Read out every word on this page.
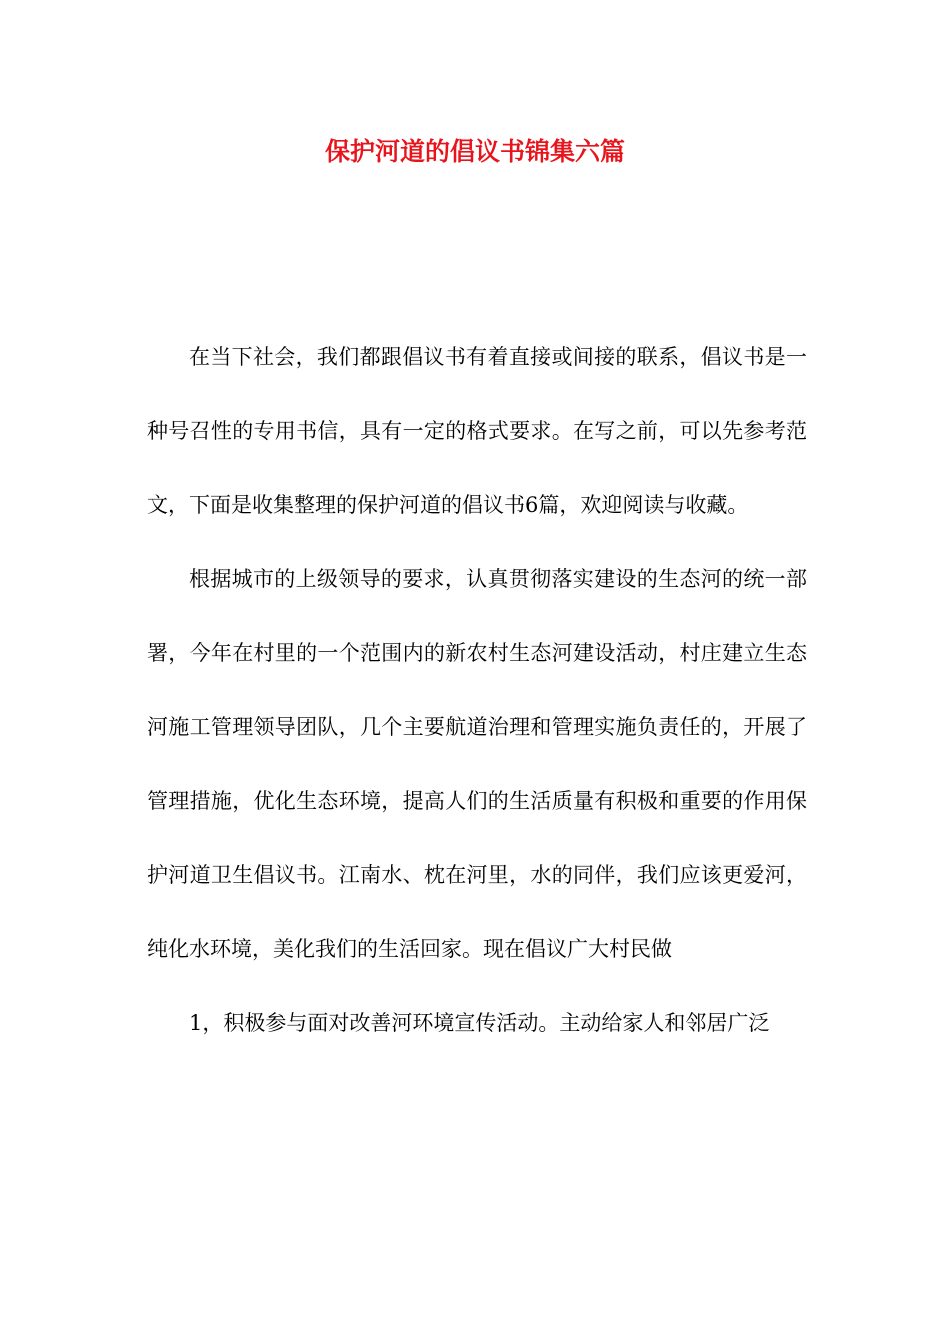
保护河道的倡议书锦集六篇

在当下社会，我们都跟倡议书有着直接或间接的联系，倡议书是一种号召性的专用书信，具有一定的格式要求。在写之前，可以先参考范文，下面是收集整理的保护河道的倡议书6篇，欢迎阅读与收藏。

根据城市的上级领导的要求，认真贯彻落实建设的生态河的统一部署，今年在村里的一个范围内的新农村生态河建设活动，村庄建立生态河施工管理领导团队，几个主要航道治理和管理实施负责任的，开展了管理措施，优化生态环境，提高人们的生活质量有积极和重要的作用保护河道卫生倡议书。江南水、枕在河里，水的同伴，我们应该更爱河，纯化水环境，美化我们的生活回家。现在倡议广大村民做

1，积极参与面对改善河环境宣传活动。主动给家人和邻居广泛
